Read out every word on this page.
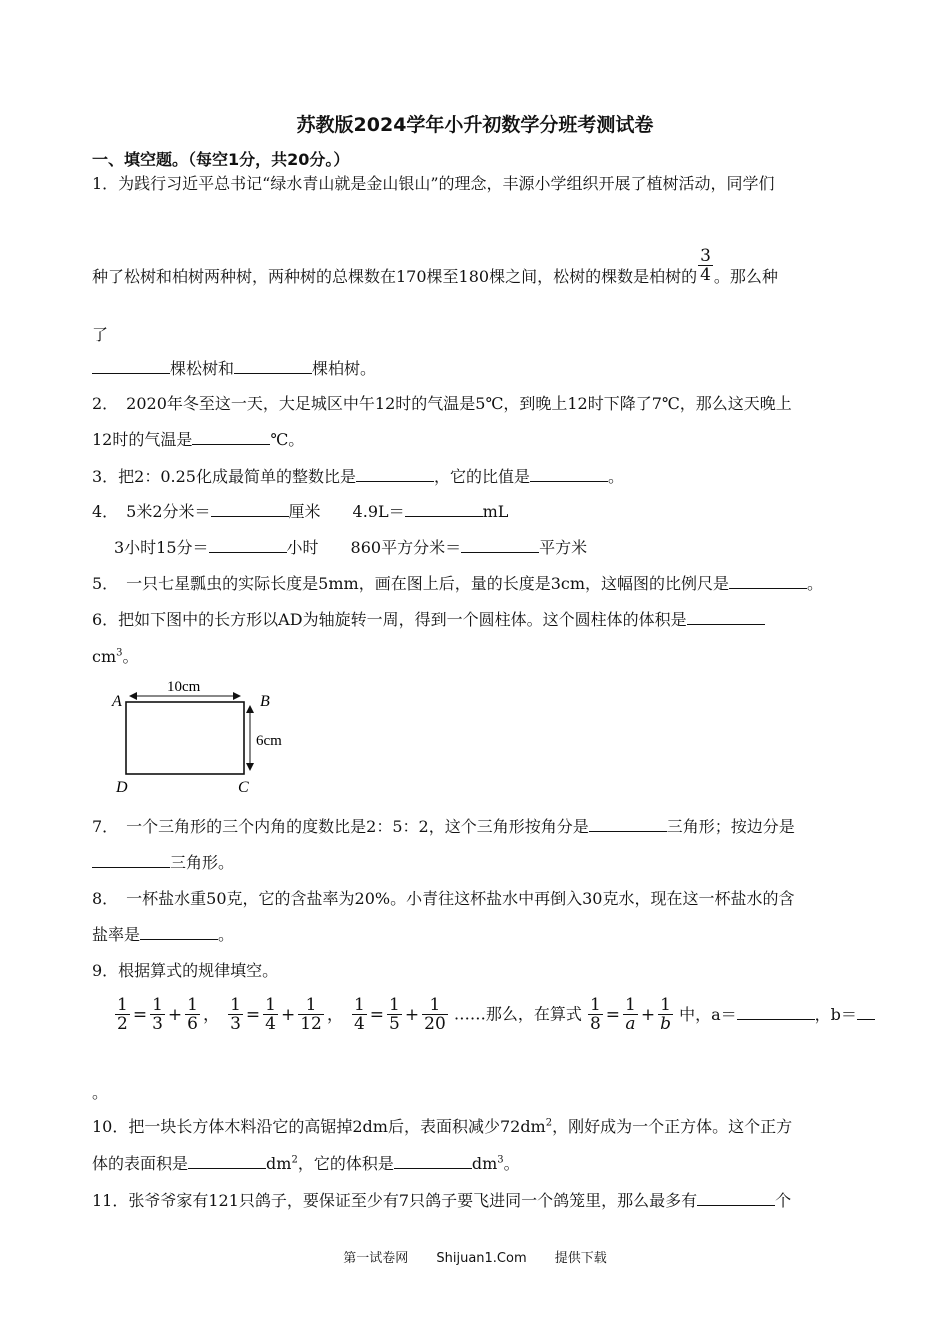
苏教版2024学年小升初数学分班考测试卷
一、填空题。（每空1分，共20分。）
1．为践行习近平总书记“绿水青山就是金山银山”的理念，丰源小学组织开展了植树活动，同学们
种了松树和柏树两种树，两种树的总棵数在170棵至180棵之间，松树的棵数是柏树的 $\frac{3}{4}$ 。那么种
了
棵松树和	棵柏树。
2．　2020年冬至这一天，大足城区中午12时的气温是5℃，到晚上12时下降了7℃，那么这天晚上
12时的气温是	℃。
3．把2：0.25化成最简单的整数比是	，它的比值是	。
4．　5米2分米＝	厘米　　4.9L＝	mL
3小时15分＝	小时　　860平方分米＝	平方米
5．　一只七星瓢虫的实际长度是5mm，画在图上后，量的长度是3cm，这幅图的比例尺是	。
6．把如下图中的长方形以AD为轴旋转一周，得到一个圆柱体。这个圆柱体的体积是
$cm^3$。
A	B
D	C
10cm
6cm
7．　一个三角形的三个内角的度数比是2：5：2，这个三角形按角分是	三角形；按边分是
三角形。
8．　一杯盐水重50克，它的含盐率为20%。小青往这杯盐水中再倒入30克水，现在这一杯盐水的含
盐率是	。
9．根据算式的规律填空。
$\frac{1}{2} = \frac{1}{3} + \frac{1}{6}$ ， $\frac{1}{3} = \frac{1}{4} + \frac{1}{12}$ ， $\frac{1}{4} = \frac{1}{5} + \frac{1}{20}$ ……那么，在算式 $\frac{1}{8} = \frac{1}{a} + \frac{1}{b}$ 中，a＝	，b＝
。
10．把一块长方体木料沿它的高锯掉2dm后，表面积减少$72dm^2$，刚好成为一个正方体。这个正方
体的表面积是	$dm^2$，它的体积是	$dm^3$。
11．张爷爷家有121只鸽子，要保证至少有7只鸽子要飞进同一个鸽笼里，那么最多有	个
第一试卷网 Shijuan1.Com 提供下载
